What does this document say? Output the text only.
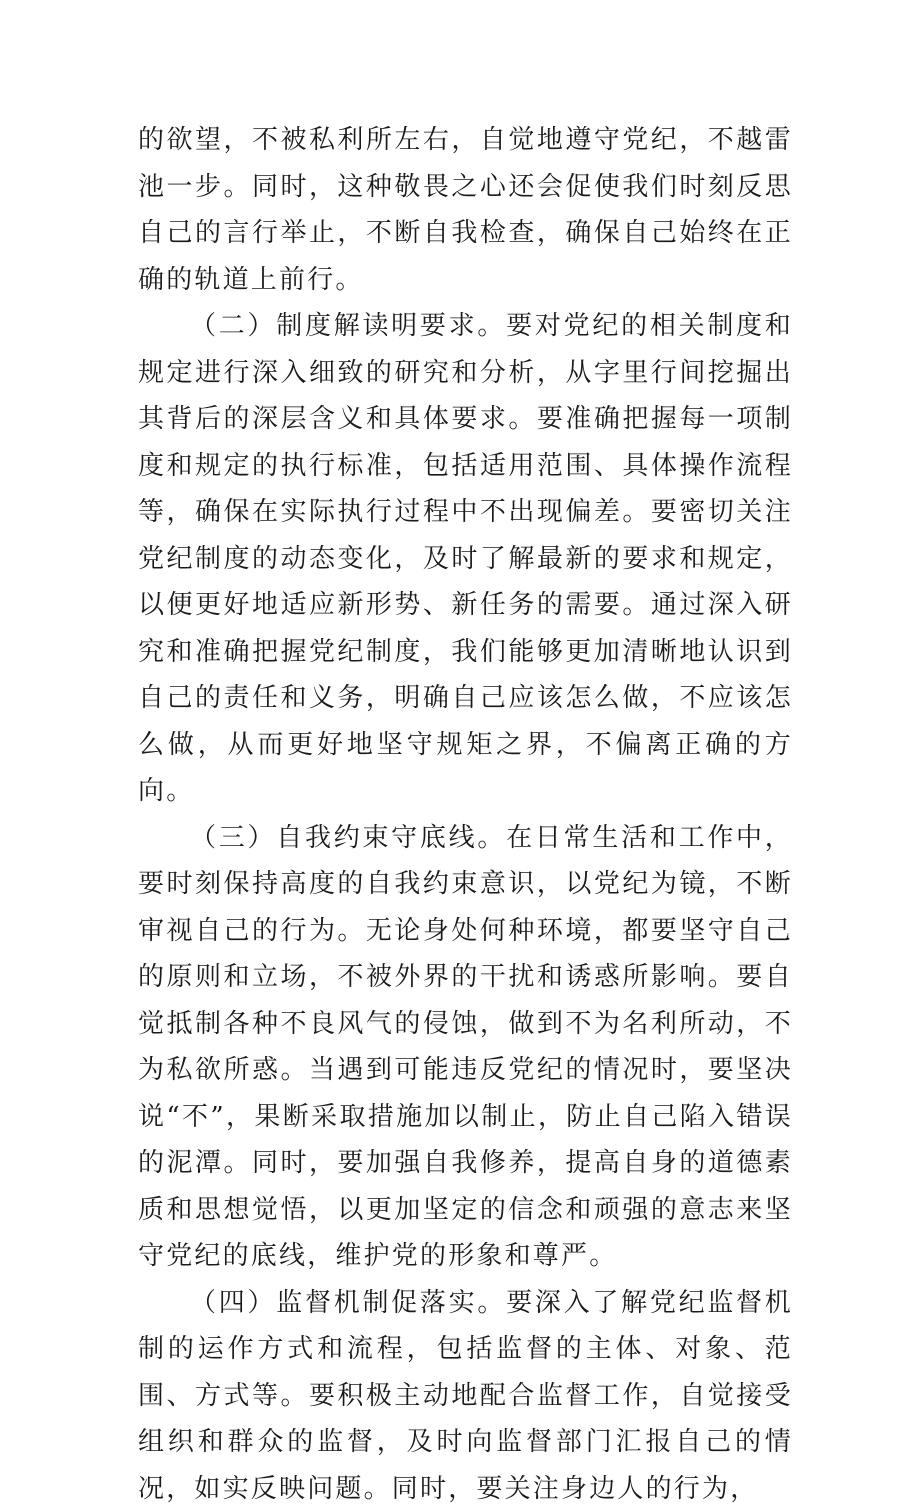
的欲望，不被私利所左右，自觉地遵守党纪，不越雷池一步。同时，这种敬畏之心还会促使我们时刻反思自己的言行举止，不断自我检查，确保自己始终在正确的轨道上前行。

（二）制度解读明要求。要对党纪的相关制度和规定进行深入细致的研究和分析，从字里行间挖掘出其背后的深层含义和具体要求。要准确把握每一项制度和规定的执行标准，包括适用范围、具体操作流程等，确保在实际执行过程中不出现偏差。要密切关注党纪制度的动态变化，及时了解最新的要求和规定，以便更好地适应新形势、新任务的需要。通过深入研究和准确把握党纪制度，我们能够更加清晰地认识到自己的责任和义务，明确自己应该怎么做，不应该怎么做，从而更好地坚守规矩之界，不偏离正确的方向。

（三）自我约束守底线。在日常生活和工作中，要时刻保持高度的自我约束意识，以党纪为镜，不断审视自己的行为。无论身处何种环境，都要坚守自己的原则和立场，不被外界的干扰和诱惑所影响。要自觉抵制各种不良风气的侵蚀，做到不为名利所动，不为私欲所惑。当遇到可能违反党纪的情况时，要坚决说“不”，果断采取措施加以制止，防止自己陷入错误的泥潭。同时，要加强自我修养，提高自身的道德素质和思想觉悟，以更加坚定的信念和顽强的意志来坚守党纪的底线，维护党的形象和尊严。

（四）监督机制促落实。要深入了解党纪监督机制的运作方式和流程，包括监督的主体、对象、范围、方式等。要积极主动地配合监督工作，自觉接受组织和群众的监督，及时向监督部门汇报自己的情况，如实反映问题。同时，要关注身边人的行为，
